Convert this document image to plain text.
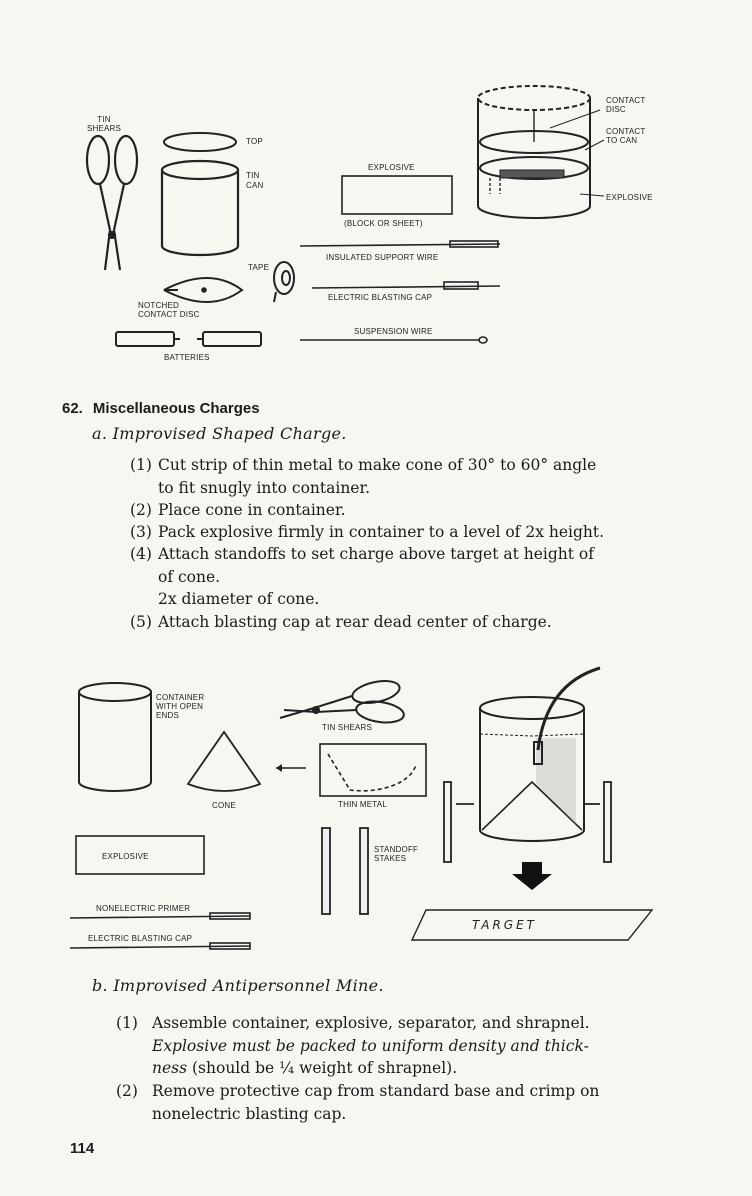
TIN SHEARS
TOP
TIN CAN
TAPE
NOTCHED CONTACT DISC
BATTERIES
EXPLOSIVE
(BLOCK OR SHEET)
INSULATED SUPPORT WIRE
ELECTRIC BLASTING CAP
SUSPENSION WIRE
CONTACT DISC
CONTACT TO CAN
EXPLOSIVE
62. Miscellaneous Charges
a. Improvised Shaped Charge.
(1) Cut strip of thin metal to make cone of 30° to 60° angle
to fit snugly into container.
(2) Place cone in container.
(3) Pack explosive firmly in container to a level of 2x height.
(4) Attach standoffs to set charge above target at height of
of cone.
2x diameter of cone.
(5) Attach blasting cap at rear dead center of charge.
CONTAINER WITH OPEN ENDS
TIN SHEARS
CONE	THIN METAL
TARGET
STANDOFF STAKES
EXPLOSIVE
NONELECTRIC PRIMER
ELECTRIC BLASTING CAP
b. Improvised Antipersonnel Mine.
(1) Assemble container, explosive, separator, and shrapnel.
Explosive must be packed to uniform density and thick-
ness (should be ¼ weight of shrapnel).
(2) Remove protective cap from standard base and crimp on
nonelectric blasting cap.
114
